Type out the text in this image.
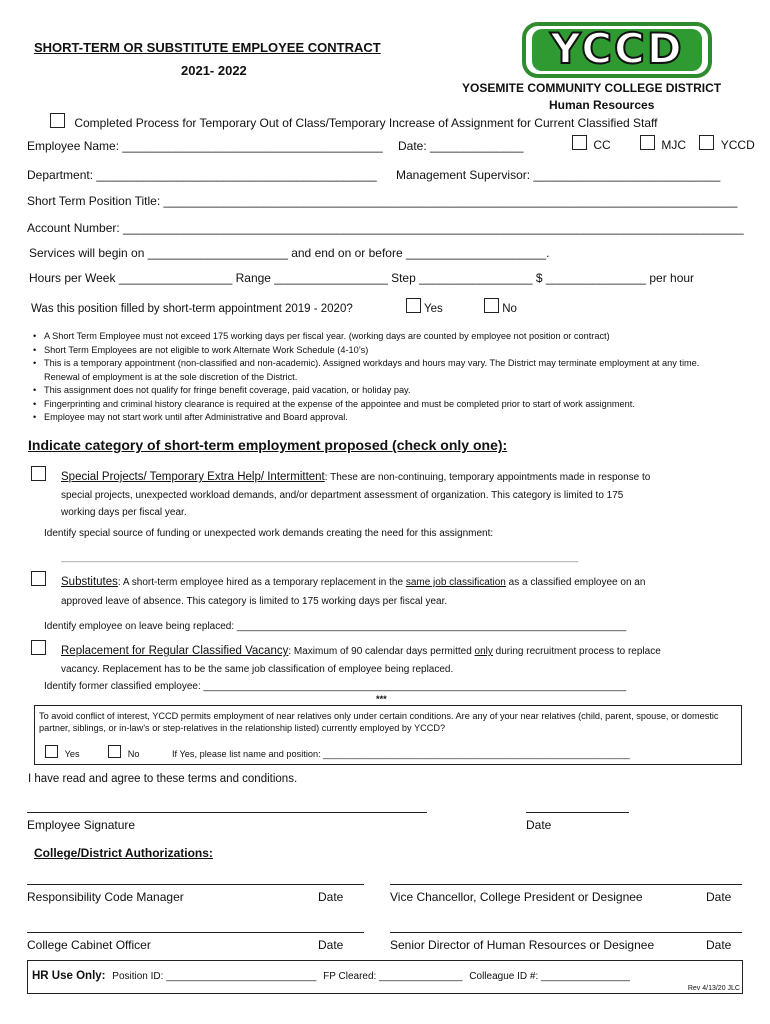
SHORT-TERM OR SUBSTITUTE EMPLOYEE CONTRACT
2021- 2022	YCCD
YOSEMITE COMMUNITY COLLEGE DISTRICT
Human Resources
Completed Process for Temporary Out of Class/Temporary Increase of Assignment for Current Classified Staff
Employee Name: _______________________________________ Date: ______________	CC	MJC	YCCD
Department: __________________________________________ Management Supervisor: ____________________________
Short Term Position Title: ______________________________________________________________________________________
Account Number: _____________________________________________________________________________________________
Services will begin on _____________________ and end on or before _____________________.
Hours per Week _________________ Range _________________ Step _________________ $ _______________ per hour
Was this position filled by short-term appointment 2019 - 2020?	Yes	No
• A Short Term Employee must not exceed 175 working days per fiscal year. (working days are counted by employee not position or contract)
• Short Term Employees are not eligible to work Alternate Work Schedule (4-10’s)
• This is a temporary appointment (non-classified and non-academic). Assigned workdays and hours may vary. The District may terminate employment at any time. Renewal of employment is at the sole discretion of the District.
• This assignment does not qualify for fringe benefit coverage, paid vacation, or holiday pay.
• Fingerprinting and criminal history clearance is required at the expense of the appointee and must be completed prior to start of work assignment.
• Employee may not start work until after Administrative and Board approval.
Indicate category of short-term employment proposed (check only one):
Special Projects/ Temporary Extra Help/ Intermittent: These are non-continuing, temporary appointments made in response to
special projects, unexpected workload demands, and/or department assessment of organization. This category is limited to 175
working days per fiscal year.
Identify special source of funding or unexpected work demands creating the need for this assignment:
_____________________________________________________________________________________________
Substitutes: A short-term employee hired as a temporary replacement in the same job classification as a classified employee on an
approved leave of absence. This category is limited to 175 working days per fiscal year.
Identify employee on leave being replaced: ______________________________________________________________________
Replacement for Regular Classified Vacancy: Maximum of 90 calendar days permitted only during recruitment process to replace
vacancy. Replacement has to be the same job classification of employee being replaced.
Identify former classified employee: ____________________________________________________________________________
***
To avoid conflict of interest, YCCD permits employment of near relatives only under certain conditions. Are any of your near relatives (child, parent, spouse, or domestic partner, siblings, or in-law’s or step-relatives in the relationship listed) currently employed by YCCD?
Yes	No	If Yes, please list name and position: ____________________________________________________________
I have read and agree to these terms and conditions.
Employee Signature	Date
College/District Authorizations:
Responsibility Code Manager	Date	Vice Chancellor, College President or Designee	Date
College Cabinet Officer	Date	Senior Director of Human Resources or Designee	Date
HR Use Only: Position ID: ___________________________ FP Cleared: _______________ Colleague ID #: ________________
Rev 4/13/20 JLC
